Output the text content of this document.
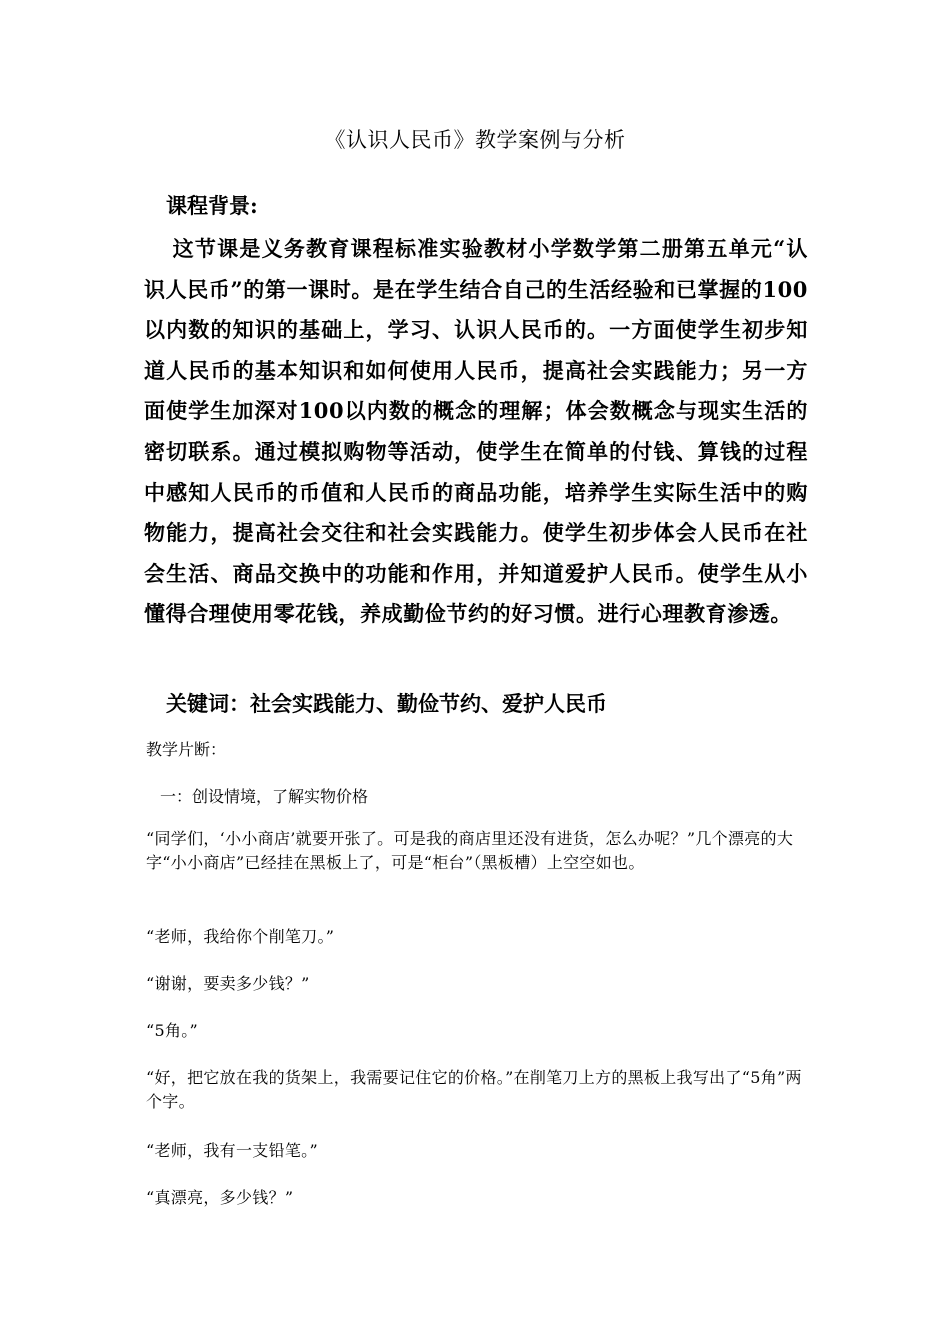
《认识人民币》教学案例与分析
课程背景:
这节课是义务教育课程标准实验教材小学数学第二册第五单元“认识人民币”的第一课时。是在学生结合自己的生活经验和已掌握的100以内数的知识的基础上，学习、认识人民币的。一方面使学生初步知道人民币的基本知识和如何使用人民币，提高社会实践能力；另一方面使学生加深对100以内数的概念的理解；体会数概念与现实生活的密切联系。通过模拟购物等活动，使学生在简单的付钱、算钱的过程中感知人民币的币值和人民币的商品功能，培养学生实际生活中的购物能力，提高社会交往和社会实践能力。使学生初步体会人民币在社会生活、商品交换中的功能和作用，并知道爱护人民币。使学生从小懂得合理使用零花钱，养成勤俭节约的好习惯。进行心理教育渗透。
关键词：社会实践能力、勤俭节约、爱护人民币
教学片断：
一：创设情境，了解实物价格
“同学们，‘小小商店’就要开张了。可是我的商店里还没有进货，怎么办呢？”几个漂亮的大字“小小商店”已经挂在黑板上了，可是“柜台”（黑板槽）上空空如也。
“老师，我给你个削笔刀。”
“谢谢，要卖多少钱？”
“5角。”
“好，把它放在我的货架上，我需要记住它的价格。”在削笔刀上方的黑板上我写出了“5角”两个字。
“老师，我有一支铅笔。”
“真漂亮，多少钱？”
